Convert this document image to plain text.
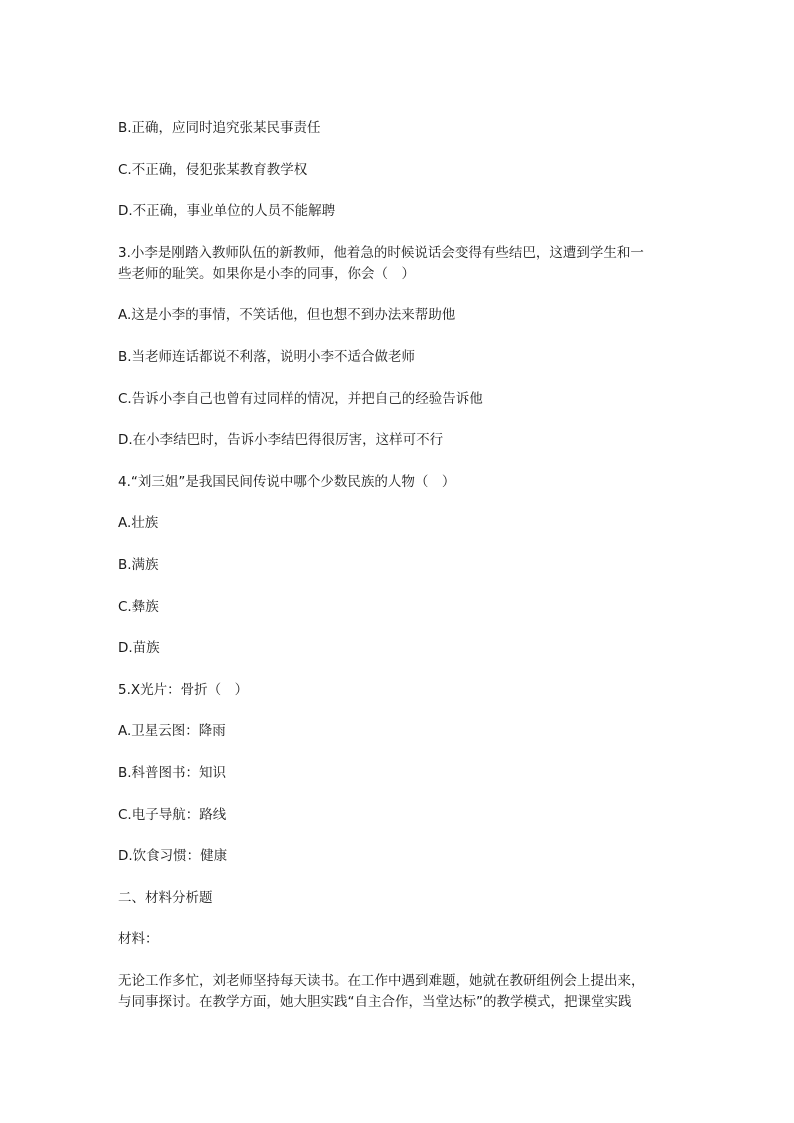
B.正确，应同时追究张某民事责任
C.不正确，侵犯张某教育教学权
D.不正确，事业单位的人员不能解聘
3.小李是刚踏入教师队伍的新教师，他着急的时候说话会变得有些结巴，这遭到学生和一
些老师的耻笑。如果你是小李的同事，你会（　）
A.这是小李的事情，不笑话他，但也想不到办法来帮助他
B.当老师连话都说不利落，说明小李不适合做老师
C.告诉小李自己也曾有过同样的情况，并把自己的经验告诉他
D.在小李结巴时，告诉小李结巴得很厉害，这样可不行
4.“刘三姐”是我国民间传说中哪个少数民族的人物（　）
A.壮族
B.满族
C.彝族
D.苗族
5.X光片：骨折（　）
A.卫星云图：降雨
B.科普图书：知识
C.电子导航：路线
D.饮食习惯：健康
二、材料分析题
材料：
无论工作多忙，刘老师坚持每天读书。在工作中遇到难题，她就在教研组例会上提出来，
与同事探讨。在教学方面，她大胆实践“自主合作，当堂达标”的教学模式，把课堂实践
